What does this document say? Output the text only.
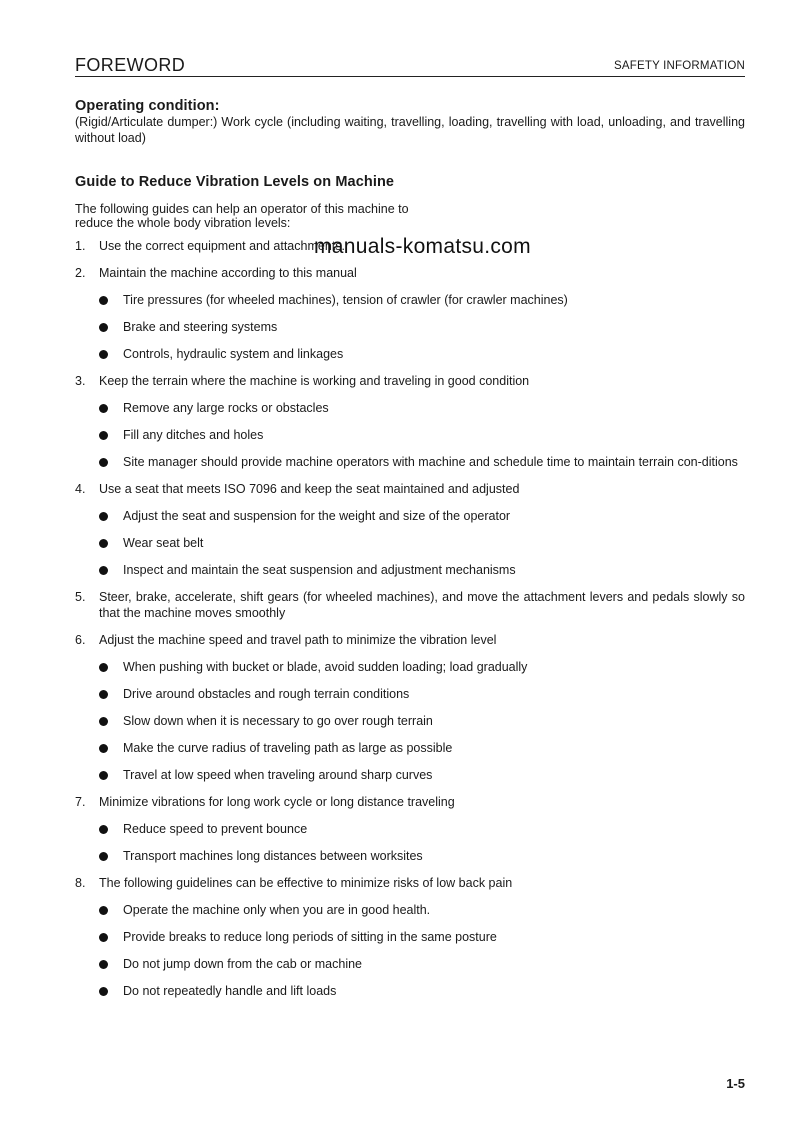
FOREWORD	SAFETY INFORMATION
manuals-komatsu.com
Operating condition:

(Rigid/Articulate dumper:) Work cycle (including waiting, travelling, loading, travelling with load, unloading, and travelling without load)

Guide to Reduce Vibration Levels on Machine
The following guides can help an operator of this machine to
reduce the whole body vibration levels:
1.	Use the correct equipment and attachments.
2.	Maintain the machine according to this manual
Tire pressures (for wheeled machines), tension of crawler (for crawler machines)
Brake and steering systems
Controls, hydraulic system and linkages
3.	Keep the terrain where the machine is working and traveling in good condition
Remove any large rocks or obstacles
Fill any ditches and holes
Site manager should provide machine operators with machine and schedule time to maintain terrain con-ditions
4.	Use a seat that meets ISO 7096 and keep the seat maintained and adjusted
Adjust the seat and suspension for the weight and size of the operator
Wear seat belt
Inspect and maintain the seat suspension and adjustment mechanisms
5.	Steer, brake, accelerate, shift gears (for wheeled machines), and move the attachment levers and pedals slowly so that the machine moves smoothly
6.	Adjust the machine speed and travel path to minimize the vibration level
When pushing with bucket or blade, avoid sudden loading; load gradually
Drive around obstacles and rough terrain conditions
Slow down when it is necessary to go over rough terrain
Make the curve radius of traveling path as large as possible
Travel at low speed when traveling around sharp curves
7.	Minimize vibrations for long work cycle or long distance traveling
Reduce speed to prevent bounce
Transport machines long distances between worksites
8.	The following guidelines can be effective to minimize risks of low back pain
Operate the machine only when you are in good health.
Provide breaks to reduce long periods of sitting in the same posture
Do not jump down from the cab or machine
Do not repeatedly handle and lift loads
1-5
